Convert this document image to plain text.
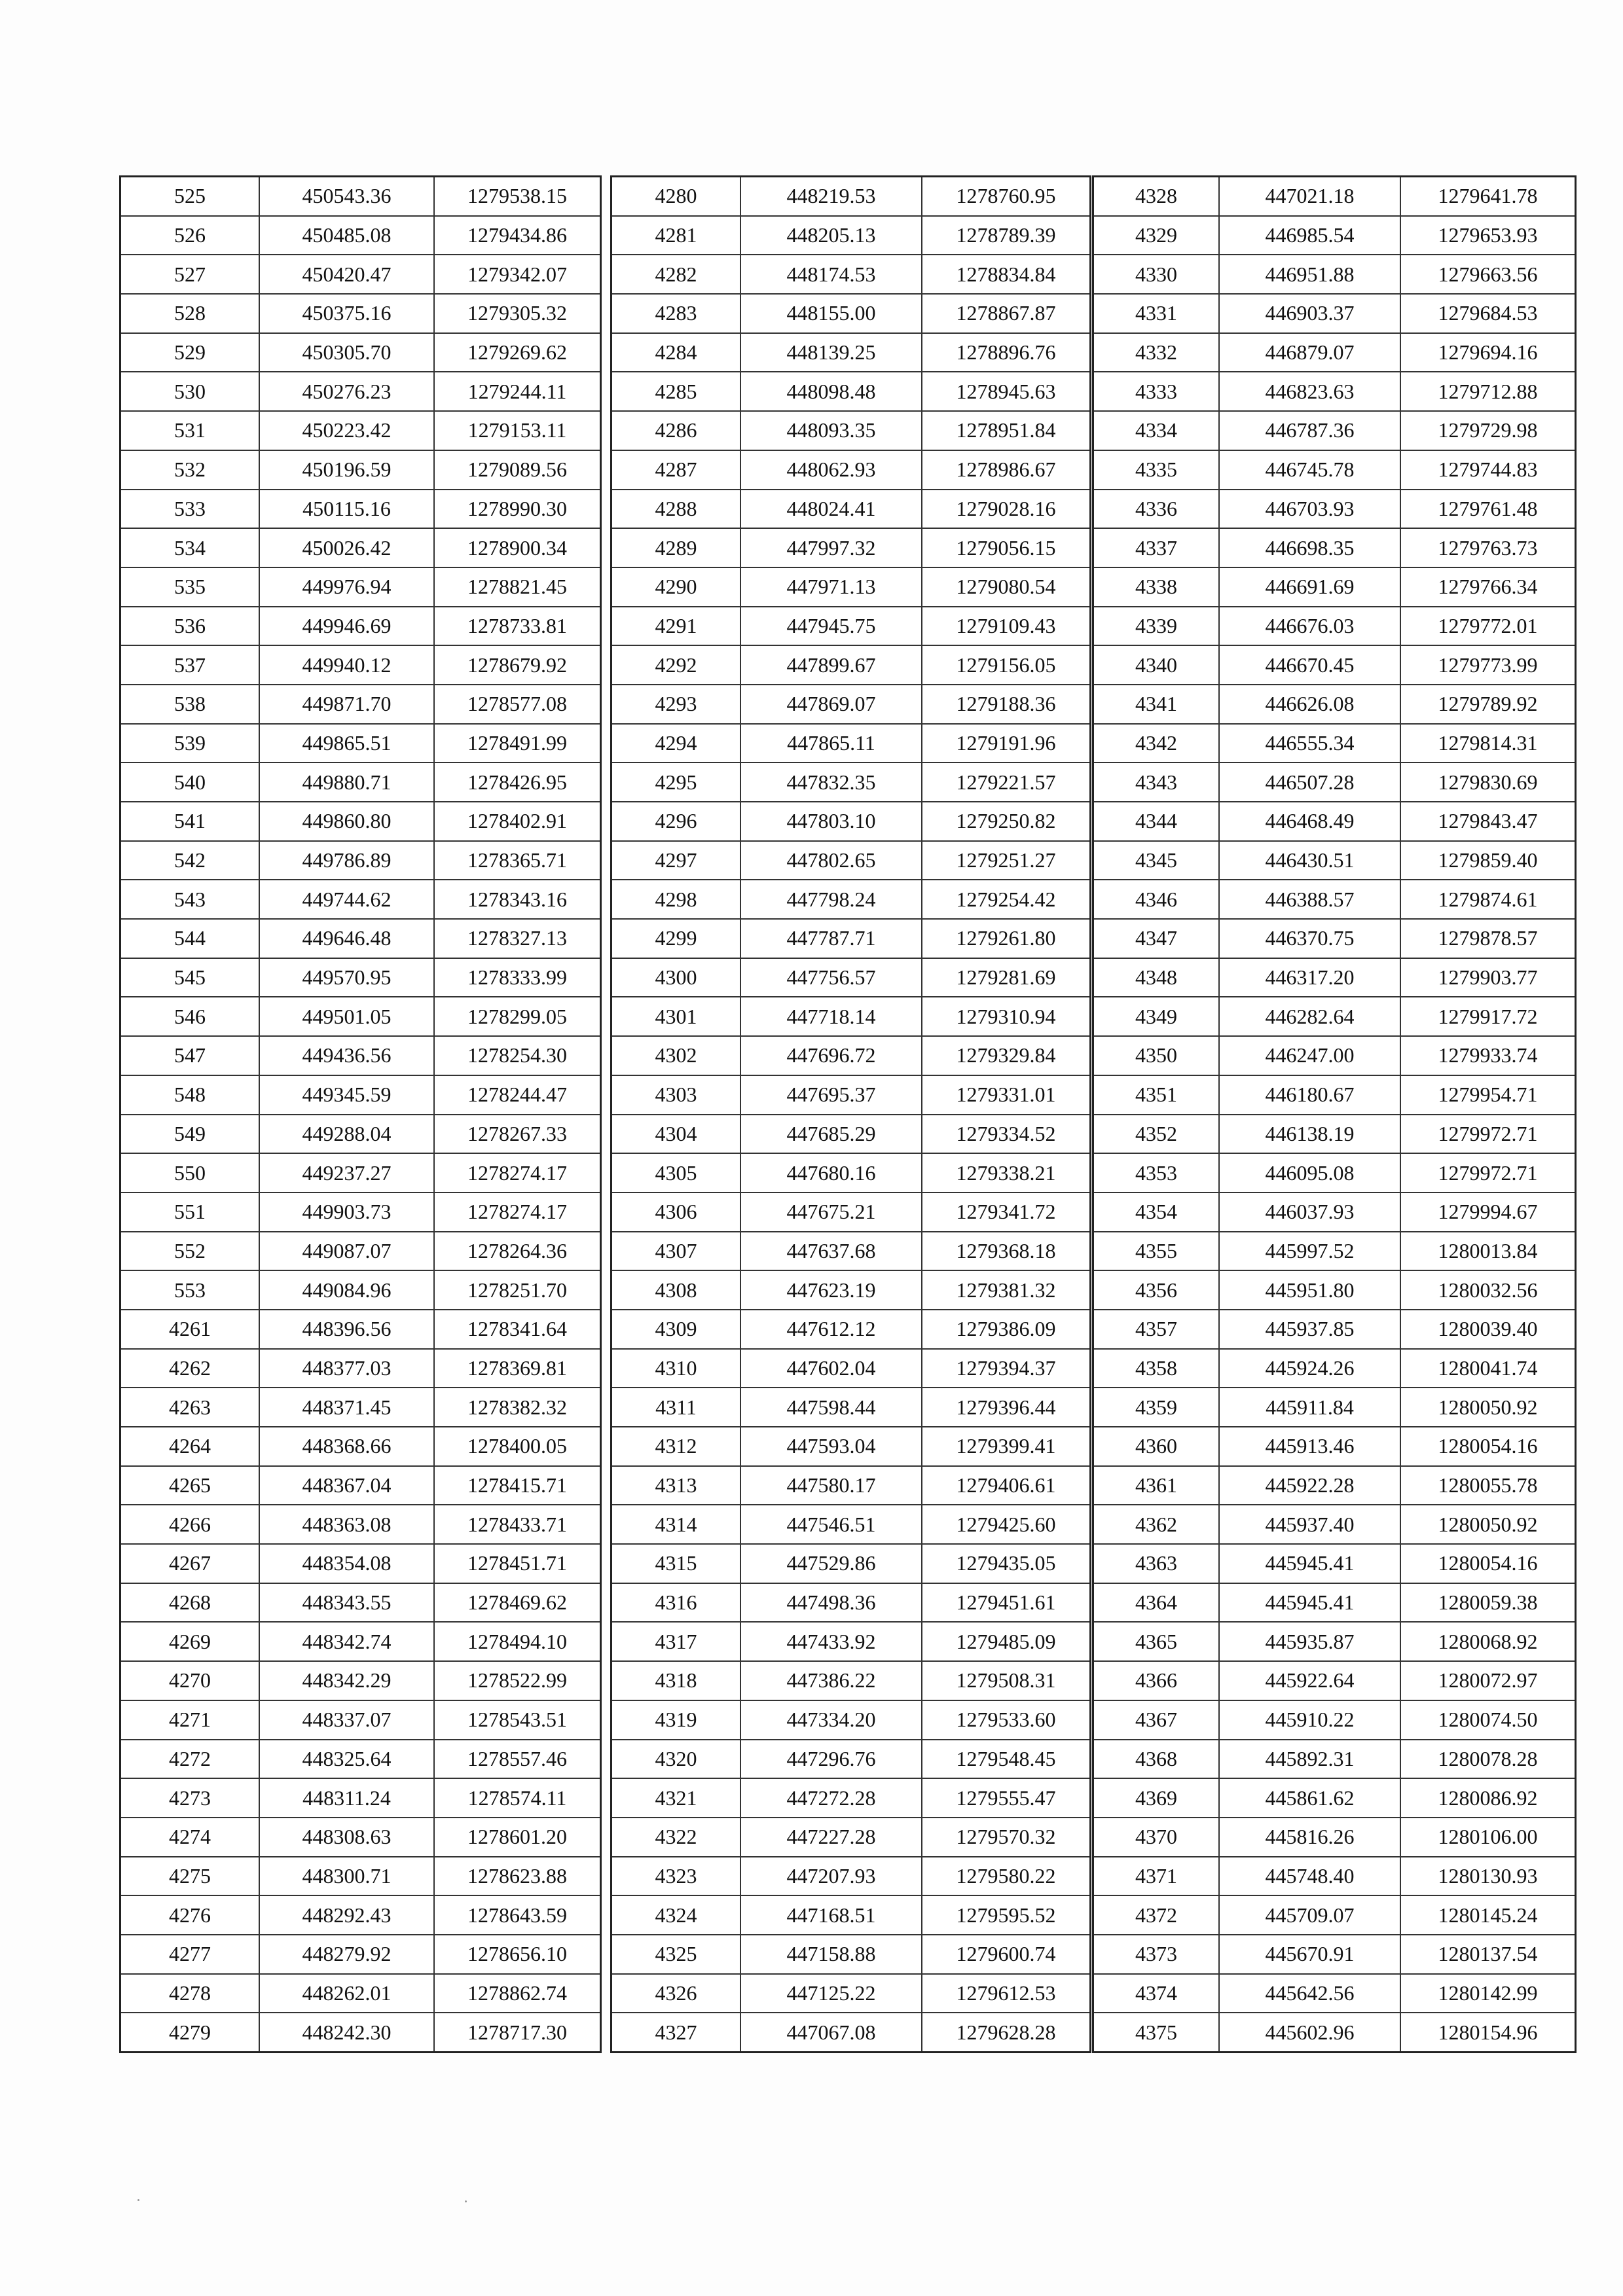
525	450543.36	1279538.15
526	450485.08	1279434.86
527	450420.47	1279342.07
528	450375.16	1279305.32
529	450305.70	1279269.62
530	450276.23	1279244.11
531	450223.42	1279153.11
532	450196.59	1279089.56
533	450115.16	1278990.30
534	450026.42	1278900.34
535	449976.94	1278821.45
536	449946.69	1278733.81
537	449940.12	1278679.92
538	449871.70	1278577.08
539	449865.51	1278491.99
540	449880.71	1278426.95
541	449860.80	1278402.91
542	449786.89	1278365.71
543	449744.62	1278343.16
544	449646.48	1278327.13
545	449570.95	1278333.99
546	449501.05	1278299.05
547	449436.56	1278254.30
548	449345.59	1278244.47
549	449288.04	1278267.33
550	449237.27	1278274.17
551	449903.73	1278274.17
552	449087.07	1278264.36
553	449084.96	1278251.70
4261	448396.56	1278341.64
4262	448377.03	1278369.81
4263	448371.45	1278382.32
4264	448368.66	1278400.05
4265	448367.04	1278415.71
4266	448363.08	1278433.71
4267	448354.08	1278451.71
4268	448343.55	1278469.62
4269	448342.74	1278494.10
4270	448342.29	1278522.99
4271	448337.07	1278543.51
4272	448325.64	1278557.46
4273	448311.24	1278574.11
4274	448308.63	1278601.20
4275	448300.71	1278623.88
4276	448292.43	1278643.59
4277	448279.92	1278656.10
4278	448262.01	1278862.74
4279	448242.30	1278717.30
4280	448219.53	1278760.95
4281	448205.13	1278789.39
4282	448174.53	1278834.84
4283	448155.00	1278867.87
4284	448139.25	1278896.76
4285	448098.48	1278945.63
4286	448093.35	1278951.84
4287	448062.93	1278986.67
4288	448024.41	1279028.16
4289	447997.32	1279056.15
4290	447971.13	1279080.54
4291	447945.75	1279109.43
4292	447899.67	1279156.05
4293	447869.07	1279188.36
4294	447865.11	1279191.96
4295	447832.35	1279221.57
4296	447803.10	1279250.82
4297	447802.65	1279251.27
4298	447798.24	1279254.42
4299	447787.71	1279261.80
4300	447756.57	1279281.69
4301	447718.14	1279310.94
4302	447696.72	1279329.84
4303	447695.37	1279331.01
4304	447685.29	1279334.52
4305	447680.16	1279338.21
4306	447675.21	1279341.72
4307	447637.68	1279368.18
4308	447623.19	1279381.32
4309	447612.12	1279386.09
4310	447602.04	1279394.37
4311	447598.44	1279396.44
4312	447593.04	1279399.41
4313	447580.17	1279406.61
4314	447546.51	1279425.60
4315	447529.86	1279435.05
4316	447498.36	1279451.61
4317	447433.92	1279485.09
4318	447386.22	1279508.31
4319	447334.20	1279533.60
4320	447296.76	1279548.45
4321	447272.28	1279555.47
4322	447227.28	1279570.32
4323	447207.93	1279580.22
4324	447168.51	1279595.52
4325	447158.88	1279600.74
4326	447125.22	1279612.53
4327	447067.08	1279628.28
4328	447021.18	1279641.78
4329	446985.54	1279653.93
4330	446951.88	1279663.56
4331	446903.37	1279684.53
4332	446879.07	1279694.16
4333	446823.63	1279712.88
4334	446787.36	1279729.98
4335	446745.78	1279744.83
4336	446703.93	1279761.48
4337	446698.35	1279763.73
4338	446691.69	1279766.34
4339	446676.03	1279772.01
4340	446670.45	1279773.99
4341	446626.08	1279789.92
4342	446555.34	1279814.31
4343	446507.28	1279830.69
4344	446468.49	1279843.47
4345	446430.51	1279859.40
4346	446388.57	1279874.61
4347	446370.75	1279878.57
4348	446317.20	1279903.77
4349	446282.64	1279917.72
4350	446247.00	1279933.74
4351	446180.67	1279954.71
4352	446138.19	1279972.71
4353	446095.08	1279972.71
4354	446037.93	1279994.67
4355	445997.52	1280013.84
4356	445951.80	1280032.56
4357	445937.85	1280039.40
4358	445924.26	1280041.74
4359	445911.84	1280050.92
4360	445913.46	1280054.16
4361	445922.28	1280055.78
4362	445937.40	1280050.92
4363	445945.41	1280054.16
4364	445945.41	1280059.38
4365	445935.87	1280068.92
4366	445922.64	1280072.97
4367	445910.22	1280074.50
4368	445892.31	1280078.28
4369	445861.62	1280086.92
4370	445816.26	1280106.00
4371	445748.40	1280130.93
4372	445709.07	1280145.24
4373	445670.91	1280137.54
4374	445642.56	1280142.99
4375	445602.96	1280154.96
